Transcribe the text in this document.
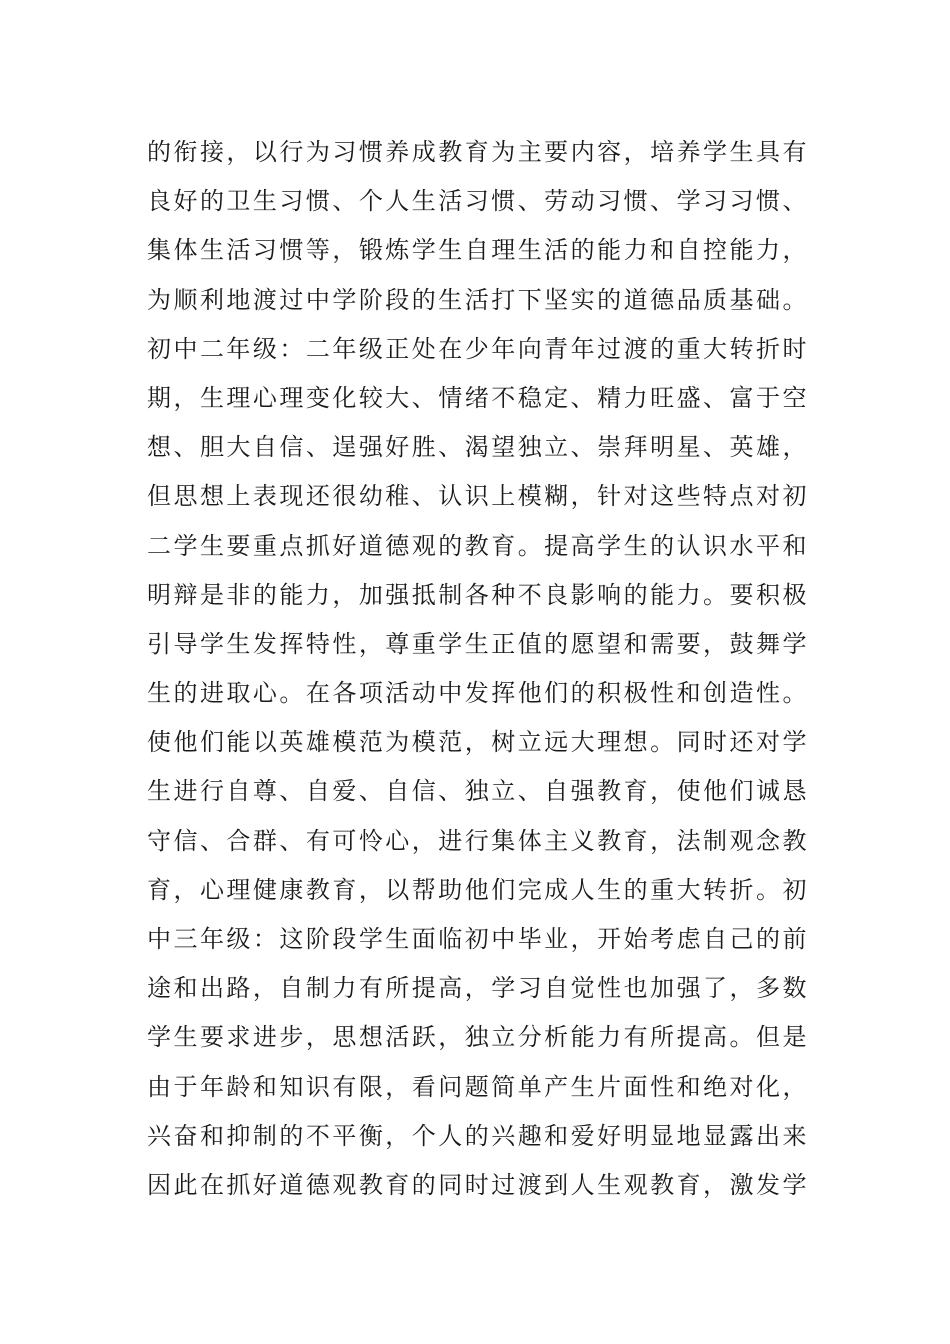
的衔接，以行为习惯养成教育为主要内容，培养学生具有
良好的卫生习惯、个人生活习惯、劳动习惯、学习习惯、
集体生活习惯等，锻炼学生自理生活的能力和自控能力，
为顺利地渡过中学阶段的生活打下坚实的道德品质基础。
初中二年级：二年级正处在少年向青年过渡的重大转折时
期，生理心理变化较大、情绪不稳定、精力旺盛、富于空
想、胆大自信、逞强好胜、渴望独立、崇拜明星、英雄，
但思想上表现还很幼稚、认识上模糊，针对这些特点对初
二学生要重点抓好道德观的教育。提高学生的认识水平和
明辩是非的能力，加强抵制各种不良影响的能力。要积极
引导学生发挥特性，尊重学生正值的愿望和需要，鼓舞学
生的进取心。在各项活动中发挥他们的积极性和创造性。
使他们能以英雄模范为模范，树立远大理想。同时还对学
生进行自尊、自爱、自信、独立、自强教育，使他们诚恳
守信、合群、有可怜心，进行集体主义教育，法制观念教
育，心理健康教育，以帮助他们完成人生的重大转折。初
中三年级：这阶段学生面临初中毕业，开始考虑自己的前
途和出路，自制力有所提高，学习自觉性也加强了，多数
学生要求进步，思想活跃，独立分析能力有所提高。但是
由于年龄和知识有限，看问题简单产生片面性和绝对化，
兴奋和抑制的不平衡，个人的兴趣和爱好明显地显露出来
因此在抓好道德观教育的同时过渡到人生观教育，激发学
